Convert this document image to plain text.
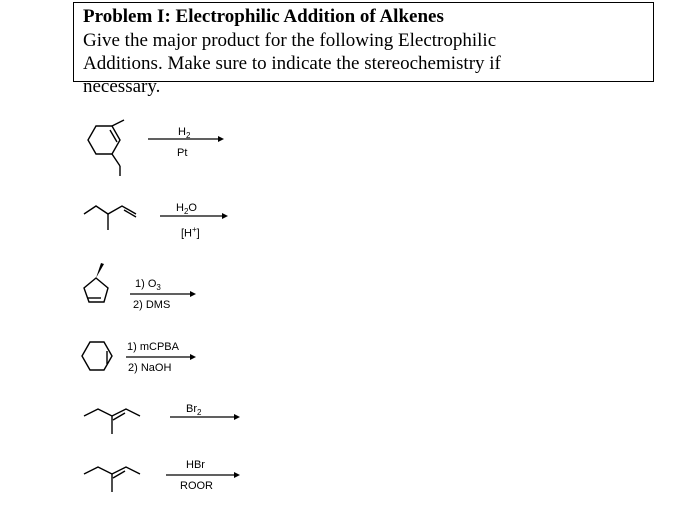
Problem I: Electrophilic Addition of Alkenes
Give the major product for the following Electrophilic
Additions. Make sure to indicate the stereochemistry if
necessary.
$H_2$
Pt
$H_2O$
[H+]
1) $O_3$
2) DMS
1) mCPBA
2) NaOH
$Br_2$
HBr
ROOR
